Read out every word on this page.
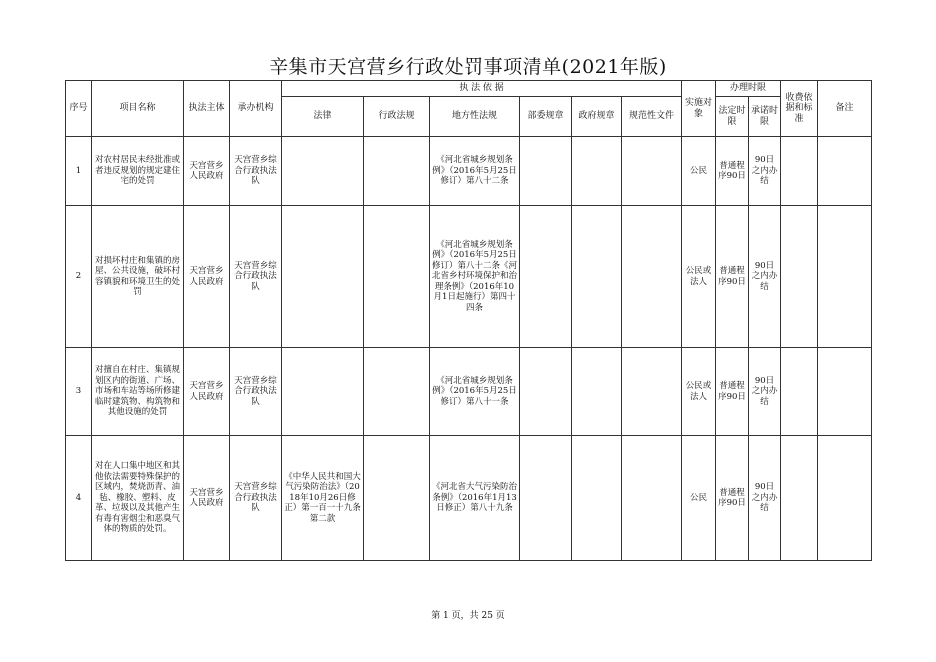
辛集市天宫营乡行政处罚事项清单(2021年版)
序号	项目名称	执法主体	承办机构	执 法 依 据						实施对象	办理时限		收费依据和标准	备注
				法律	行政法规	地方性法规	部委规章	政府规章	规范性文件		法定时限	承诺时限		
1	对农村居民未经批准或者违反规划的规定建住宅的处罚	天宫营乡人民政府	天宫营乡综合行政执法队			《河北省城乡规划条例》（2016年5月25日修订）第八十二条				公民	普通程序90日	90日之内办结		
2	对损坏村庄和集镇的房屋、公共设施，破坏村容镇貌和环境卫生的处罚	天宫营乡人民政府	天宫营乡综合行政执法队			《河北省城乡规划条例》（2016年5月25日修订）第八十二条《河北省乡村环境保护和治理条例》（2016年10月1日起施行）第四十四条				公民或法人	普通程序90日	90日之内办结		
3	对擅自在村庄、集镇规划区内的街道、广场、市场和车站等场所修建临时建筑物、构筑物和其他设施的处罚	天宫营乡人民政府	天宫营乡综合行政执法队			《河北省城乡规划条例》（2016年5月25日修订）第八十一条				公民或法人	普通程序90日	90日之内办结		
4	对在人口集中地区和其他依法需要特殊保护的区域内，焚烧沥青、油毡、橡胶、塑料、皮革、垃圾以及其他产生有毒有害烟尘和恶臭气体的物质的处罚。	天宫营乡人民政府	天宫营乡综合行政执法队	《中华人民共和国大气污染防治法》（2018年10月26日修正）第一百一十九条第二款		《河北省大气污染防治条例》（2016年1月13日修正）第八十九条				公民	普通程序90日	90日之内办结		
第 1 页，共 25 页
